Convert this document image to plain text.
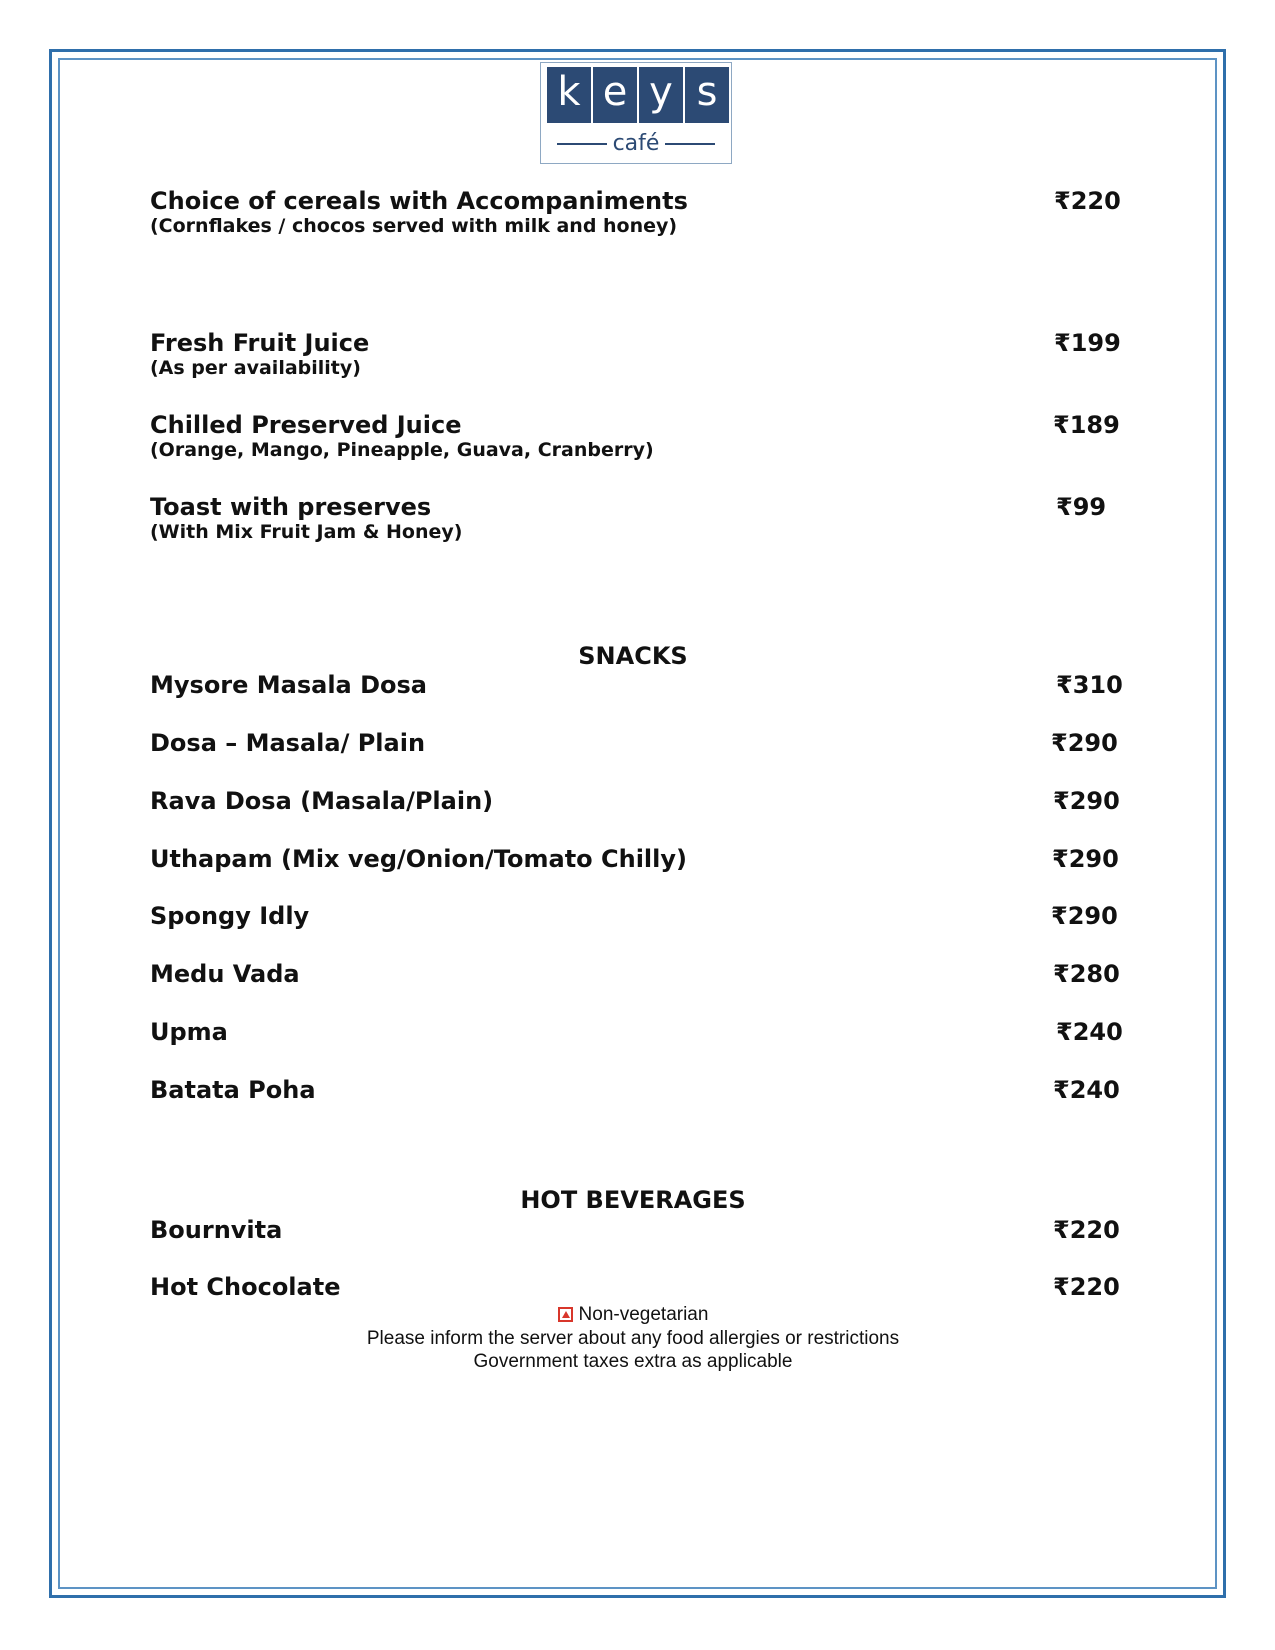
k e y s
café
Choice of cereals with Accompaniments
(Cornflakes / chocos served with milk and honey)
₹220
Fresh Fruit Juice
(As per availability)
₹199
Chilled Preserved Juice
(Orange, Mango, Pineapple, Guava, Cranberry)
₹189
Toast with preserves
(With Mix Fruit Jam & Honey)
₹99
SNACKS
Mysore Masala Dosa	₹310
Dosa – Masala/ Plain	₹290
Rava Dosa (Masala/Plain)	₹290
Uthapam (Mix veg/Onion/Tomato Chilly)	₹290
Spongy Idly	₹290
Medu Vada	₹280
Upma	₹240
Batata Poha	₹240
HOT BEVERAGES
Bournvita	₹220
Hot Chocolate	₹220
Non-vegetarian
Please inform the server about any food allergies or restrictions
Government taxes extra as applicable
